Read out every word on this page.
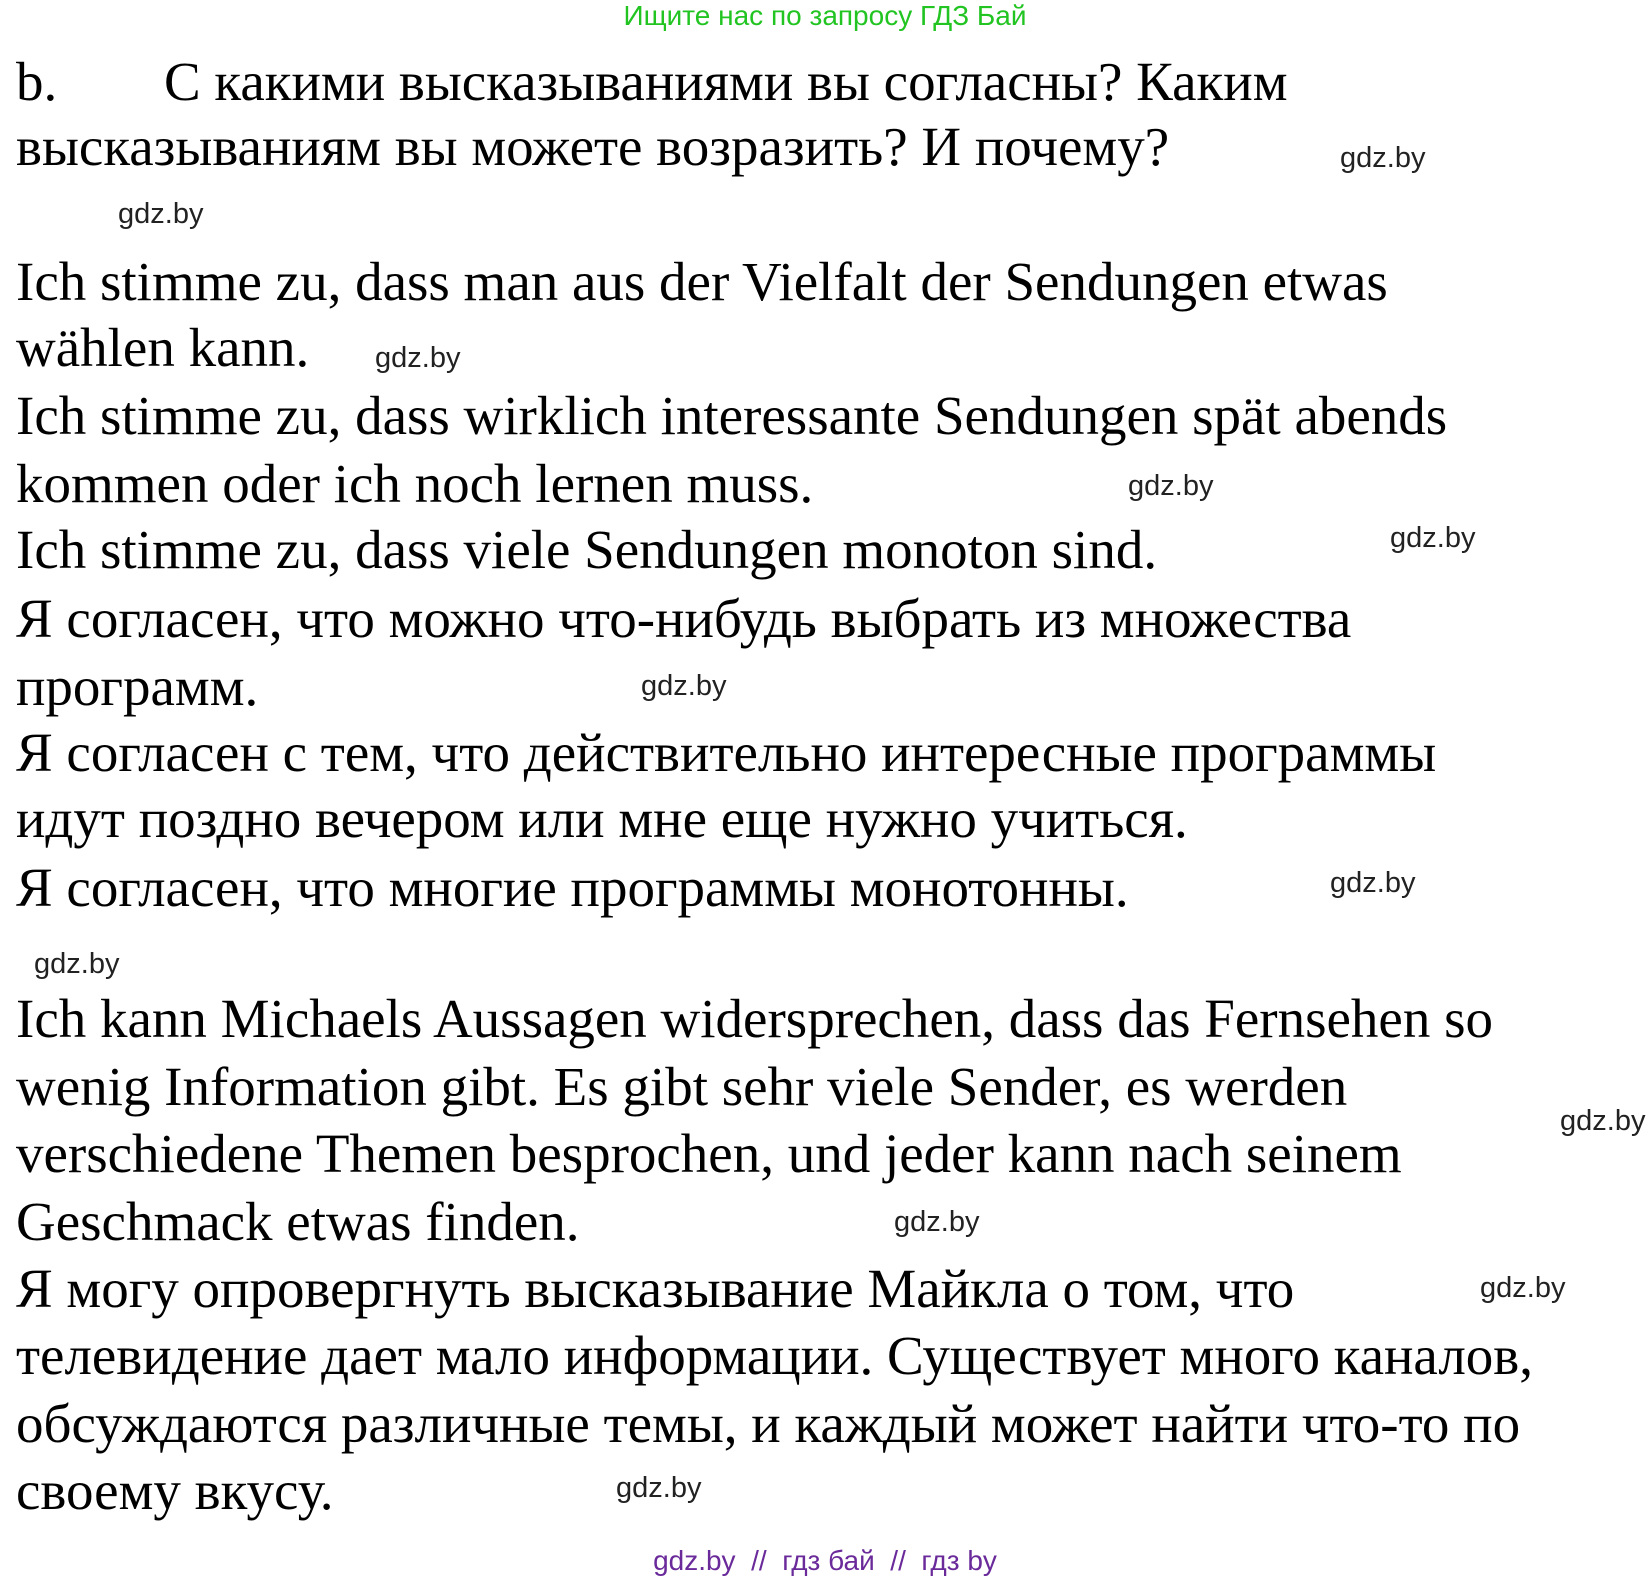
Ищите нас по запросу ГДЗ Бай
b. С какими высказываниями вы согласны? Каким
высказываниям вы можете возразить? И почему?
Ich stimme zu, dass man aus der Vielfalt der Sendungen etwas
wählen kann.
Ich stimme zu, dass wirklich interessante Sendungen spät abends
kommen oder ich noch lernen muss.
Ich stimme zu, dass viele Sendungen monoton sind.
Я согласен, что можно что-нибудь выбрать из множества
программ.
Я согласен с тем, что действительно интересные программы
идут поздно вечером или мне еще нужно учиться.
Я согласен, что многие программы монотонны.
Ich kann Michaels Aussagen widersprechen, dass das Fernsehen so
wenig Information gibt. Es gibt sehr viele Sender, es werden
verschiedene Themen besprochen, und jeder kann nach seinem
Geschmack etwas finden.
Я могу опровергнуть высказывание Майкла о том, что
телевидение дает мало информации. Существует много каналов,
обсуждаются различные темы, и каждый может найти что-то по
своему вкусу.
gdz.by
gdz.by
gdz.by
gdz.by
gdz.by
gdz.by
gdz.by
gdz.by
gdz.by
gdz.by
gdz.by
gdz.by
gdz.by  //  гдз бай  //  гдз by
